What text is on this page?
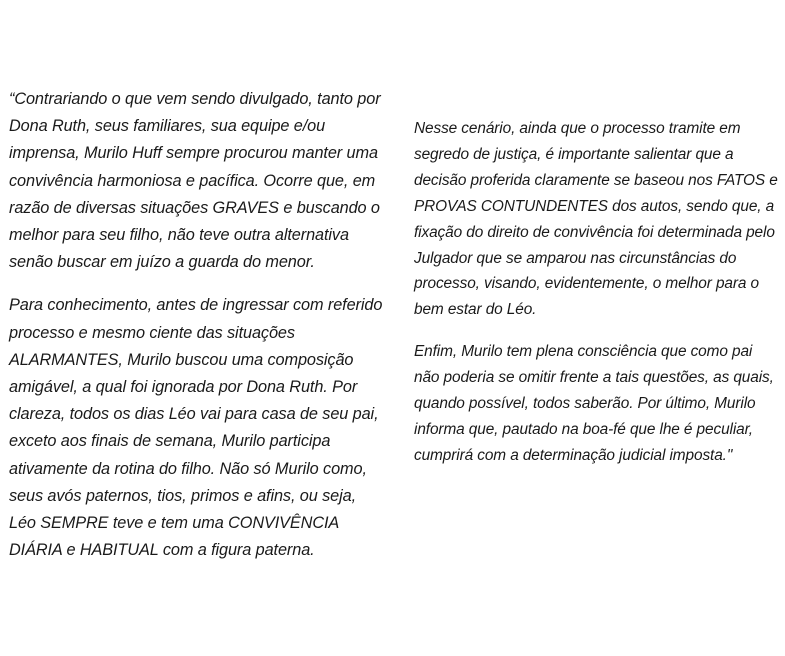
“Contrariando o que vem sendo divulgado, tanto por Dona Ruth, seus familiares, sua equipe e/ou imprensa, Murilo Huff sempre procurou manter uma convivência harmoniosa e pacífica. Ocorre que, em razão de diversas situações GRAVES e buscando o melhor para seu filho, não teve outra alternativa senão buscar em juízo a guarda do menor.

Para conhecimento, antes de ingressar com referido processo e mesmo ciente das situações ALARMANTES, Murilo buscou uma composição amigável, a qual foi ignorada por Dona Ruth. Por clareza, todos os dias Léo vai para casa de seu pai, exceto aos finais de semana, Murilo participa ativamente da rotina do filho. Não só Murilo como, seus avós paternos, tios, primos e afins, ou seja, Léo SEMPRE teve e tem uma CONVIVÊNCIA DIÁRIA e HABITUAL com a figura paterna.

Nesse cenário, ainda que o processo tramite em segredo de justiça, é importante salientar que a decisão proferida claramente se baseou nos FATOS e PROVAS CONTUNDENTES dos autos, sendo que, a fixação do direito de convivência foi determinada pelo Julgador que se amparou nas circunstâncias do processo, visando, evidentemente, o melhor para o bem estar do Léo.

Enfim, Murilo tem plena consciência que como pai não poderia se omitir frente a tais questões, as quais, quando possível, todos saberão. Por último, Murilo informa que, pautado na boa-fé que lhe é peculiar, cumprirá com a determinação judicial imposta."
